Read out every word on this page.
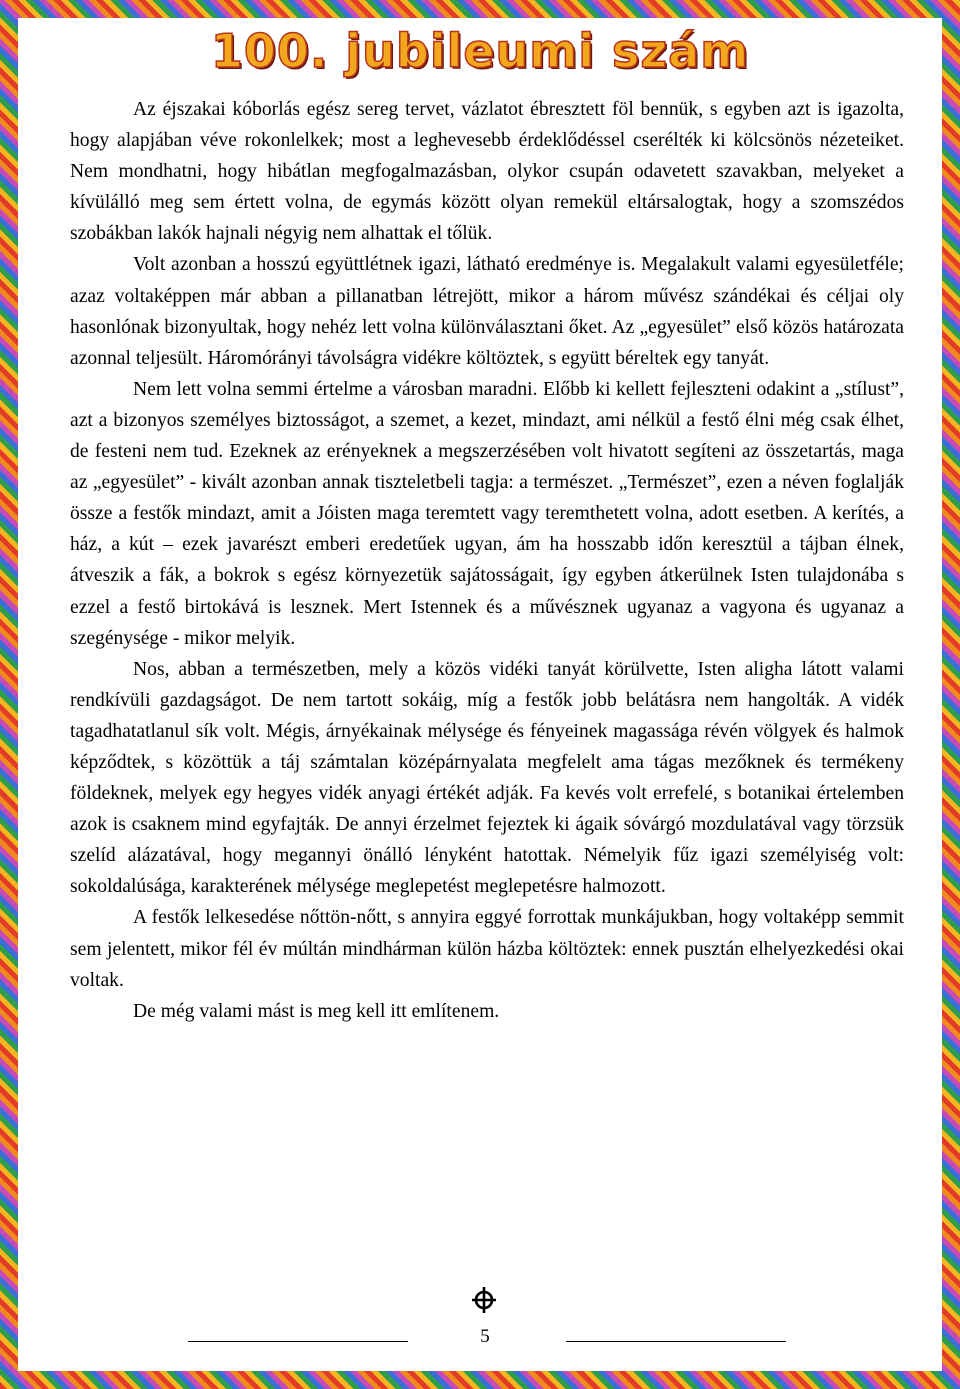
100. jubileumi szám

Az éjszakai kóborlás egész sereg tervet, vázlatot ébresztett föl bennük, s egyben azt is igazolta, hogy alapjában véve rokonlelkek; most a leghevesebb érdeklődéssel cserélték ki kölcsönös nézeteiket. Nem mondhatni, hogy hibátlan megfogalmazásban, olykor csupán odavetett szavakban, melyeket a kívülálló meg sem értett volna, de egymás között olyan remekül eltársalogtak, hogy a szomszédos szobákban lakók hajnali négyig nem alhattak el tőlük.

Volt azonban a hosszú együttlétnek igazi, látható eredménye is. Megalakult valami egyesületféle; azaz voltaképpen már abban a pillanatban létrejött, mikor a három művész szándékai és céljai oly hasonlónak bizonyultak, hogy nehéz lett volna különválasztani őket. Az „egyesület” első közös határozata azonnal teljesült. Háromórányi távolságra vidékre költöztek, s együtt béreltek egy tanyát.

Nem lett volna semmi értelme a városban maradni. Előbb ki kellett fejleszteni odakint a „stílust”, azt a bizonyos személyes biztosságot, a szemet, a kezet, mindazt, ami nélkül a festő élni még csak élhet, de festeni nem tud. Ezeknek az erényeknek a megszerzésében volt hivatott segíteni az összetartás, maga az „egyesület” - kivált azonban annak tiszteletbeli tagja: a természet. „Természet”, ezen a néven foglalják össze a festők mindazt, amit a Jóisten maga teremtett vagy teremthetett volna, adott esetben. A kerítés, a ház, a kút – ezek javarészt emberi eredetűek ugyan, ám ha hosszabb időn keresztül a tájban élnek, átveszik a fák, a bokrok s egész környezetük sajátosságait, így egyben átkerülnek Isten tulajdonába s ezzel a festő birtokává is lesznek. Mert Istennek és a művésznek ugyanaz a vagyona és ugyanaz a szegénysége - mikor melyik.

Nos, abban a természetben, mely a közös vidéki tanyát körülvette, Isten aligha látott valami rendkívüli gazdagságot. De nem tartott sokáig, míg a festők jobb belátásra nem hangolták. A vidék tagadhatatlanul sík volt. Mégis, árnyékainak mélysége és fényeinek magassága révén völgyek és halmok képződtek, s közöttük a táj számtalan középárnyalata megfelelt ama tágas mezőknek és termékeny földeknek, melyek egy hegyes vidék anyagi értékét adják. Fa kevés volt errefelé, s botanikai értelemben azok is csaknem mind egyfajták. De annyi érzelmet fejeztek ki ágaik sóvárgó mozdulatával vagy törzsük szelíd alázatával, hogy megannyi önálló lényként hatottak. Némelyik fűz igazi személyiség volt: sokoldalúsága, karakterének mélysége meglepetést meglepetésre halmozott.

A festők lelkesedése nőttön-nőtt, s annyira eggyé forrottak munkájukban, hogy voltaképp semmit sem jelentett, mikor fél év múltán mindhárman külön házba költöztek: ennek pusztán elhelyezkedési okai voltak.

De még valami mást is meg kell itt említenem.

5
